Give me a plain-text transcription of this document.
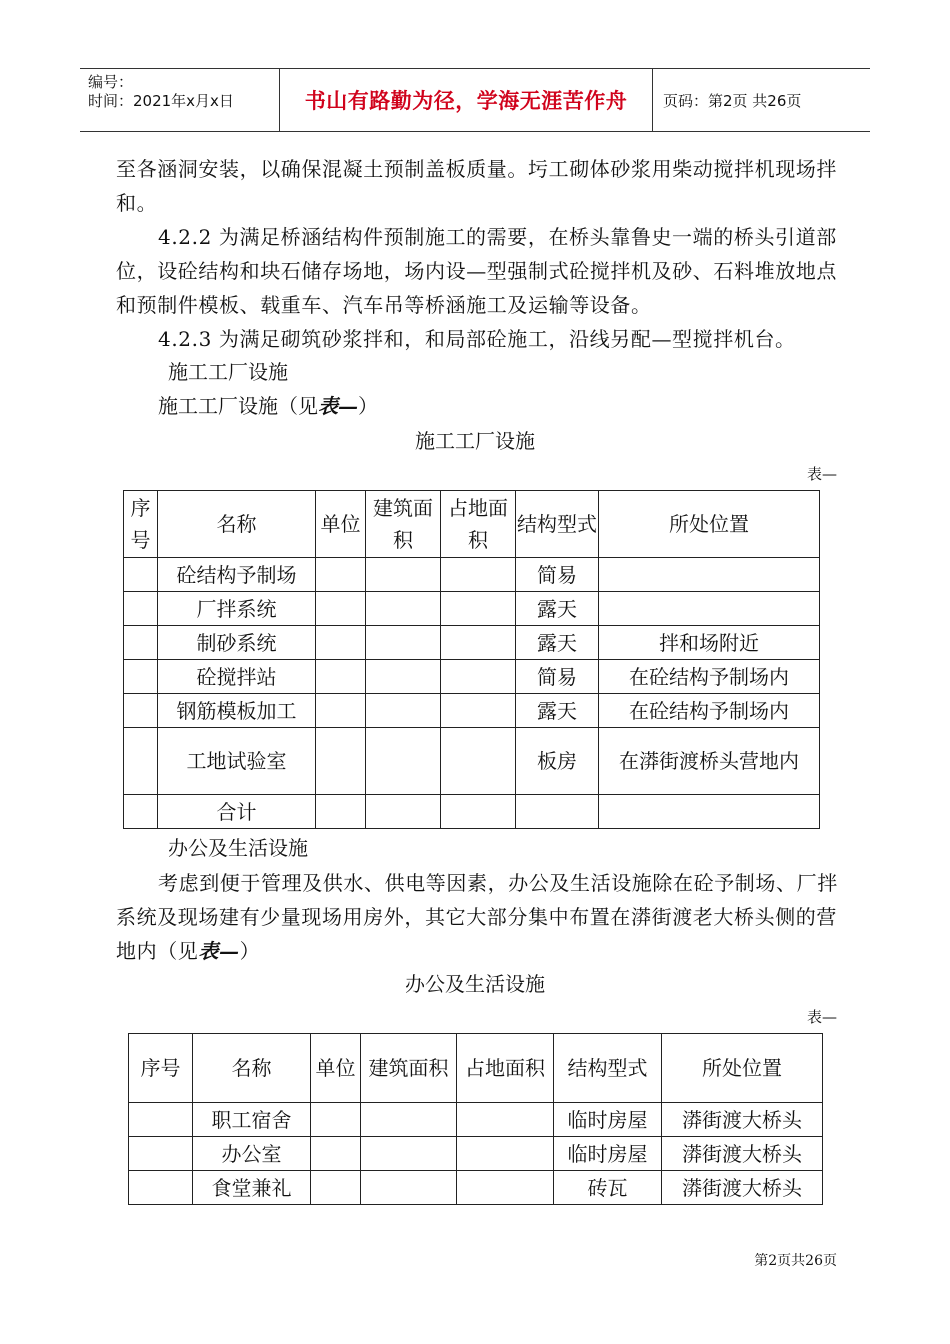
编号：
时间：2021年x月x日	书山有路勤为径，学海无涯苦作舟	页码：第2页 共26页

至各涵洞安装，以确保混凝土预制盖板质量。圬工砌体砂浆用柴动搅拌机现场拌和。

4.2.2 为满足桥涵结构件预制施工的需要，在桥头靠鲁史一端的桥头引道部位，设砼结构和块石储存场地，场内设—型强制式砼搅拌机及砂、石料堆放地点和预制件模板、载重车、汽车吊等桥涵施工及运输等设备。

4.2.3 为满足砌筑砂浆拌和，和局部砼施工，沿线另配—型搅拌机台。

施工工厂设施

施工工厂设施（见表—）

施工工厂设施

表—

序号	名称	单位	建筑面积	占地面积	结构型式	所处位置
	砼结构予制场				简易	
	厂拌系统				露天	
	制砂系统				露天	拌和场附近
	砼搅拌站				简易	在砼结构予制场内
	钢筋模板加工				露天	在砼结构予制场内
	工地试验室				板房	在漭街渡桥头营地内
	合计					

办公及生活设施

考虑到便于管理及供水、供电等因素，办公及生活设施除在砼予制场、厂拌系统及现场建有少量现场用房外，其它大部分集中布置在漭街渡老大桥头侧的营地内（见表—）

办公及生活设施

表—

序号	名称	单位	建筑面积	占地面积	结构型式	所处位置
	职工宿舍				临时房屋	漭街渡大桥头
	办公室				临时房屋	漭街渡大桥头
	食堂兼礼				砖瓦	漭街渡大桥头
第2页共26页
